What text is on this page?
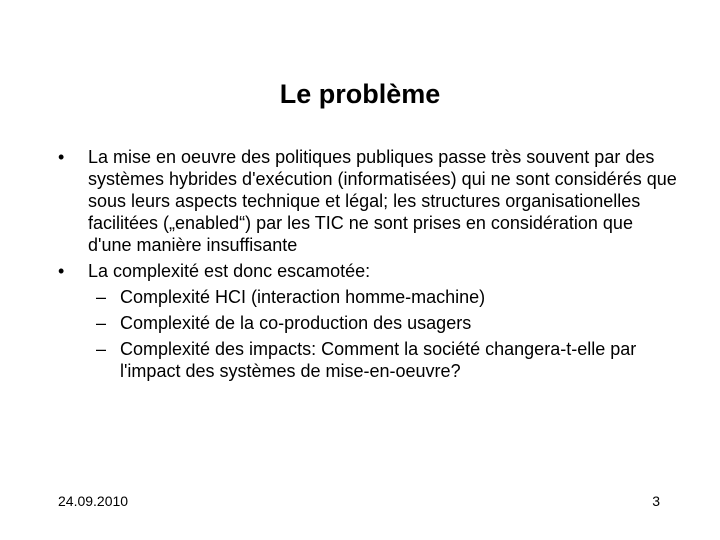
Le problème
•	La mise en oeuvre des politiques publiques passe très souvent par des systèmes hybrides d'exécution (informatisées) qui ne sont considérés que sous leurs aspects technique et légal; les structures organisationelles facilitées („enabled“) par les TIC ne sont prises en considération que d'une manière insuffisante
•	La complexité est donc escamotée:
– Complexité HCI (interaction homme-machine)
– Complexité de la co-production des usagers
– Complexité des impacts: Comment la société changera-t-elle par l'impact des systèmes de mise-en-oeuvre?
24.09.2010	3
